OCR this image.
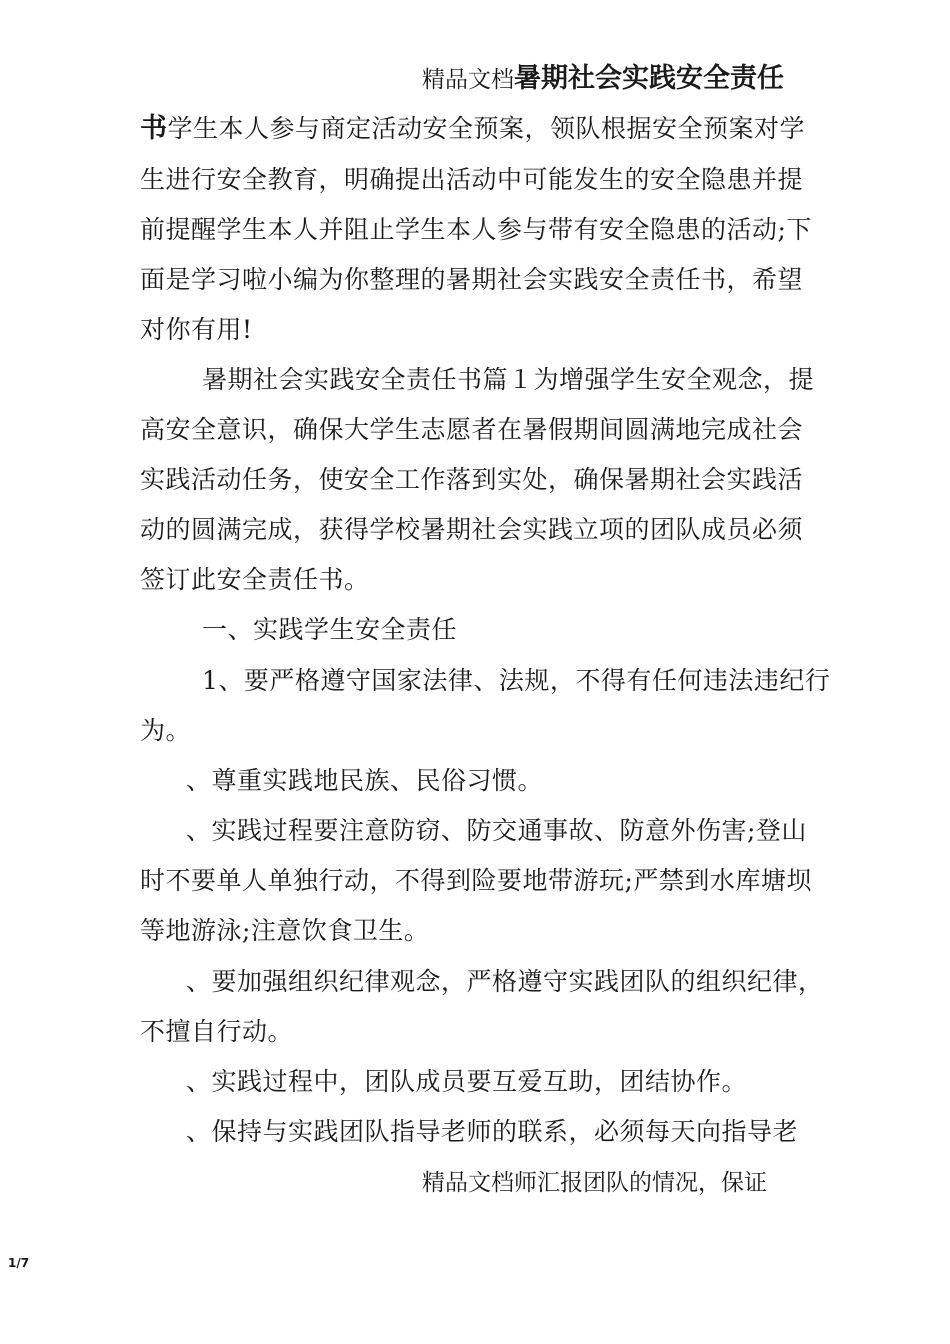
精品文档暑期社会实践安全责任
书学生本人参与商定活动安全预案，领队根据安全预案对学
生进行安全教育，明确提出活动中可能发生的安全隐患并提
前提醒学生本人并阻止学生本人参与带有安全隐患的活动;下
面是学习啦小编为你整理的暑期社会实践安全责任书，希望
对你有用!
暑期社会实践安全责任书篇１为增强学生安全观念，提
高安全意识，确保大学生志愿者在暑假期间圆满地完成社会
实践活动任务，使安全工作落到实处，确保暑期社会实践活
动的圆满完成，获得学校暑期社会实践立项的团队成员必须
签订此安全责任书。
一、实践学生安全责任
1、要严格遵守国家法律、法规，不得有任何违法违纪行
为。
、尊重实践地民族、民俗习惯。
、实践过程要注意防窃、防交通事故、防意外伤害;登山
时不要单人单独行动，不得到险要地带游玩;严禁到水库塘坝
等地游泳;注意饮食卫生。
、要加强组织纪律观念，严格遵守实践团队的组织纪律，
不擅自行动。
、实践过程中，团队成员要互爱互助，团结协作。
、保持与实践团队指导老师的联系，必须每天向指导老
精品文档师汇报团队的情况，保证
1/7
